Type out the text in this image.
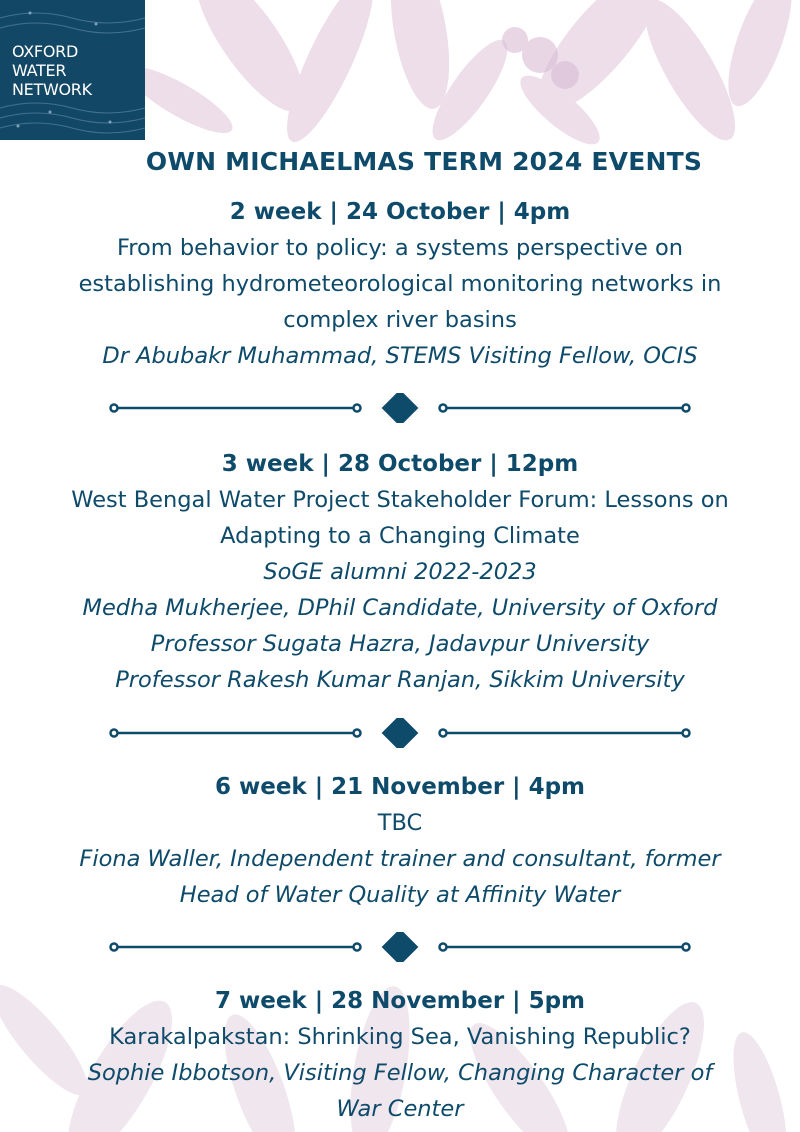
OXFORD
WATER
NETWORK
OWN MICHAELMAS TERM 2024 EVENTS
2 week | 24 October | 4pm
From behavior to policy: a systems perspective on
establishing hydrometeorological monitoring networks in
complex river basins
Dr Abubakr Muhammad, STEMS Visiting Fellow, OCIS
3 week | 28 October | 12pm
West Bengal Water Project Stakeholder Forum: Lessons on
Adapting to a Changing Climate
SoGE alumni 2022-2023
Medha Mukherjee, DPhil Candidate, University of Oxford
Professor Sugata Hazra, Jadavpur University
Professor Rakesh Kumar Ranjan, Sikkim University
6 week | 21 November | 4pm
TBC
Fiona Waller, Independent trainer and consultant, former
Head of Water Quality at Affinity Water
7 week | 28 November | 5pm
Karakalpakstan: Shrinking Sea, Vanishing Republic?
Sophie Ibbotson, Visiting Fellow, Changing Character of
War Center
